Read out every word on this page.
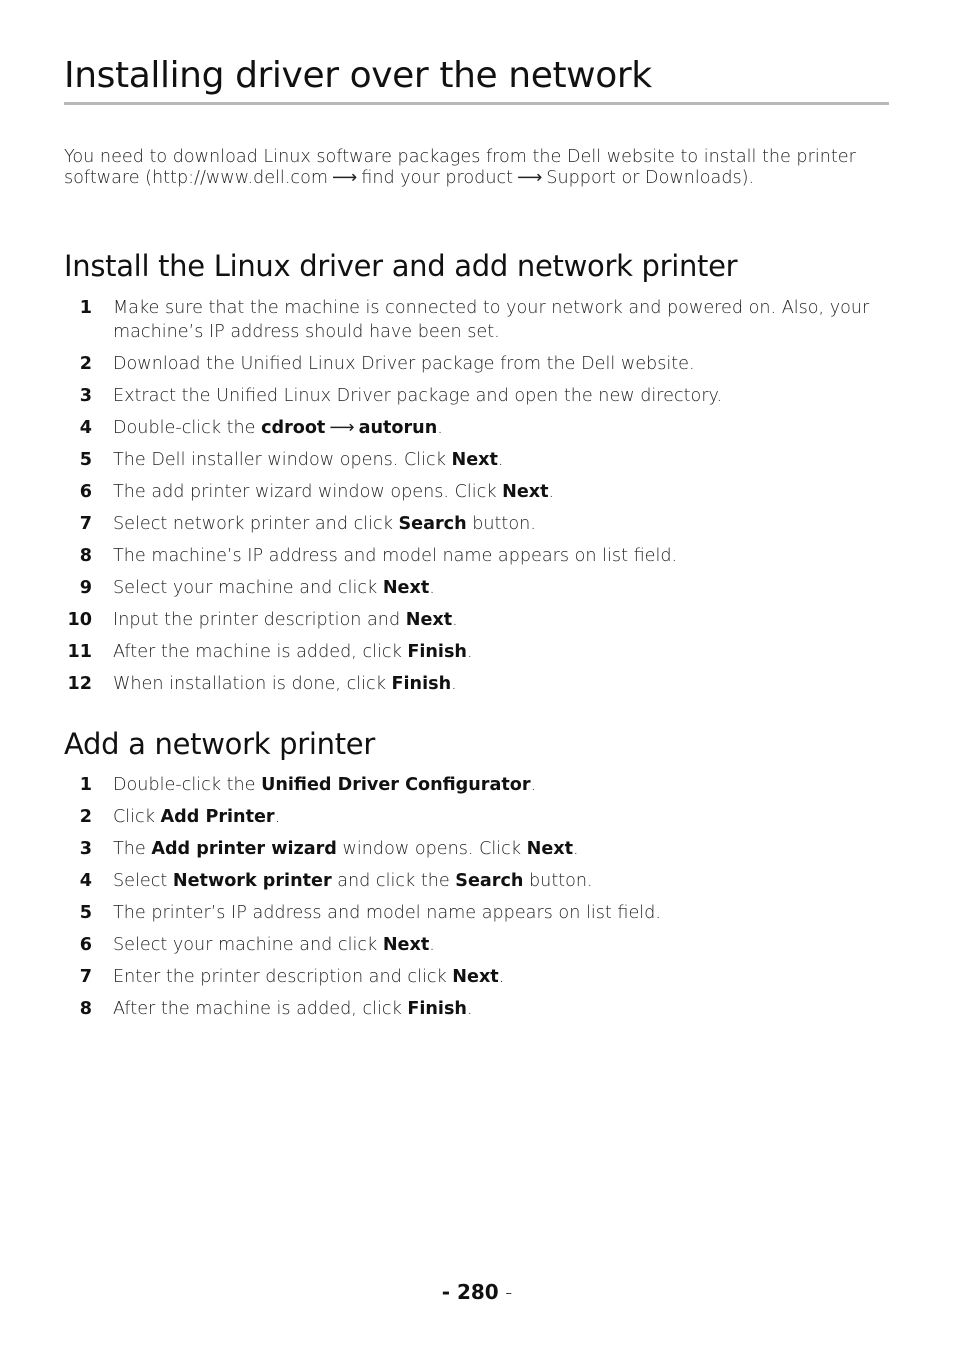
Installing driver over the network

You need to download Linux software packages from the Dell website to install the printer software (http://www.dell.com ⟶ find your product ⟶ Support or Downloads).

Install the Linux driver and add network printer
1 Make sure that the machine is connected to your network and powered on. Also, your machine’s IP address should have been set.
2 Download the Unified Linux Driver package from the Dell website.
3 Extract the Unified Linux Driver package and open the new directory.
4 Double-click the cdroot ⟶ autorun.
5 The Dell installer window opens. Click Next.
6 The add printer wizard window opens. Click Next.
7 Select network printer and click Search button.
8 The machine’s IP address and model name appears on list field.
9 Select your machine and click Next.
10 Input the printer description and Next.
11 After the machine is added, click Finish.
12 When installation is done, click Finish.
Add a network printer
1 Double-click the Unified Driver Configurator.
2 Click Add Printer.
3 The Add printer wizard window opens. Click Next.
4 Select Network printer and click the Search button.
5 The printer’s IP address and model name appears on list field.
6 Select your machine and click Next.
7 Enter the printer description and click Next.
8 After the machine is added, click Finish.
- 280 -
